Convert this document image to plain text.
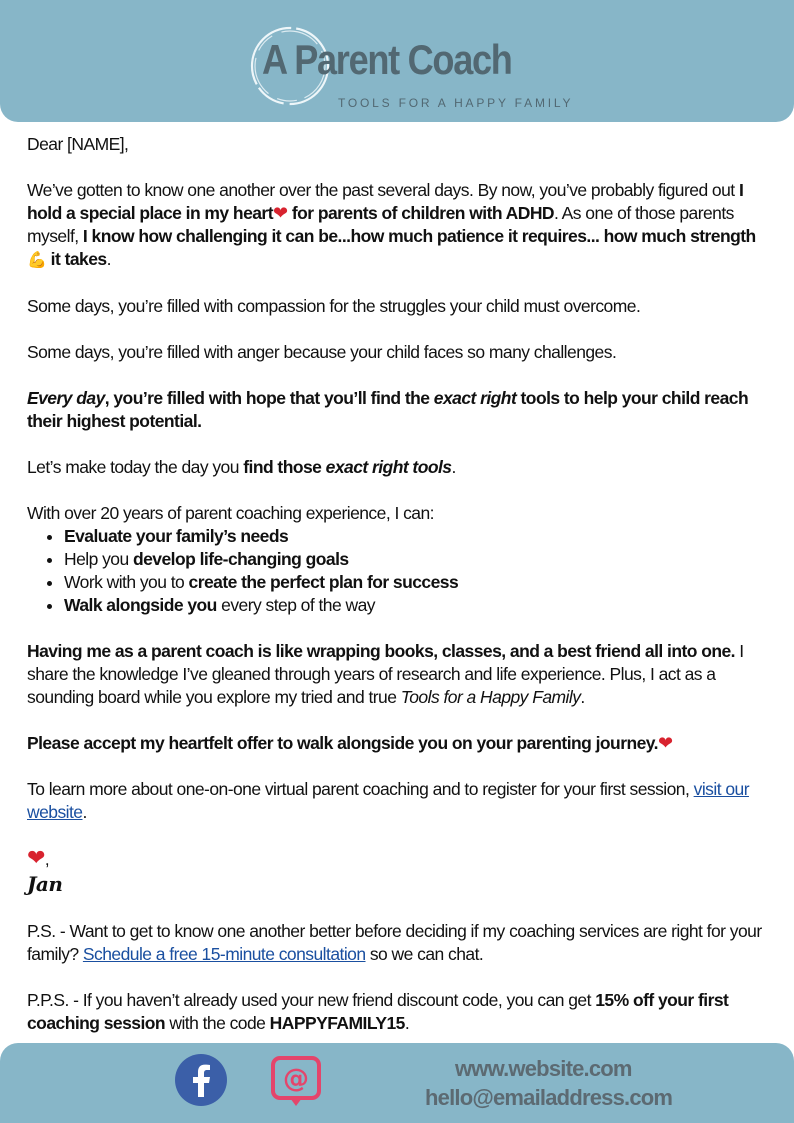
A Parent Coach
TOOLS FOR A HAPPY FAMILY

Dear [NAME],

We’ve gotten to know one another over the past several days. By now, you’ve probably figured out I hold a special place in my heart❤ for parents of children with ADHD. As one of those parents myself, I know how challenging it can be...how much patience it requires... how much strength💪 it takes.

Some days, you’re filled with compassion for the struggles your child must overcome.

Some days, you’re filled with anger because your child faces so many challenges.

Every day, you’re filled with hope that you’ll find the exact right tools to help your child reach their highest potential.

Let’s make today the day you find those exact right tools.

With over 20 years of parent coaching experience, I can:

• Evaluate your family’s needs
• Help you develop life-changing goals
• Work with you to create the perfect plan for success
• Walk alongside you every step of the way

Having me as a parent coach is like wrapping books, classes, and a best friend all into one. I share the knowledge I’ve gleaned through years of research and life experience. Plus, I act as a sounding board while you explore my tried and true Tools for a Happy Family.

Please accept my heartfelt offer to walk alongside you on your parenting journey.❤

To learn more about one-on-one virtual parent coaching and to register for your first session, visit our website.

❤,
Jan

P.S. - Want to get to know one another better before deciding if my coaching services are right for your family? Schedule a free 15-minute consultation so we can chat.

P.P.S. - If you haven’t already used your new friend discount code, you can get 15% off your first coaching session with the code HAPPYFAMILY15.

@	www.website.com
hello@emailaddress.com
